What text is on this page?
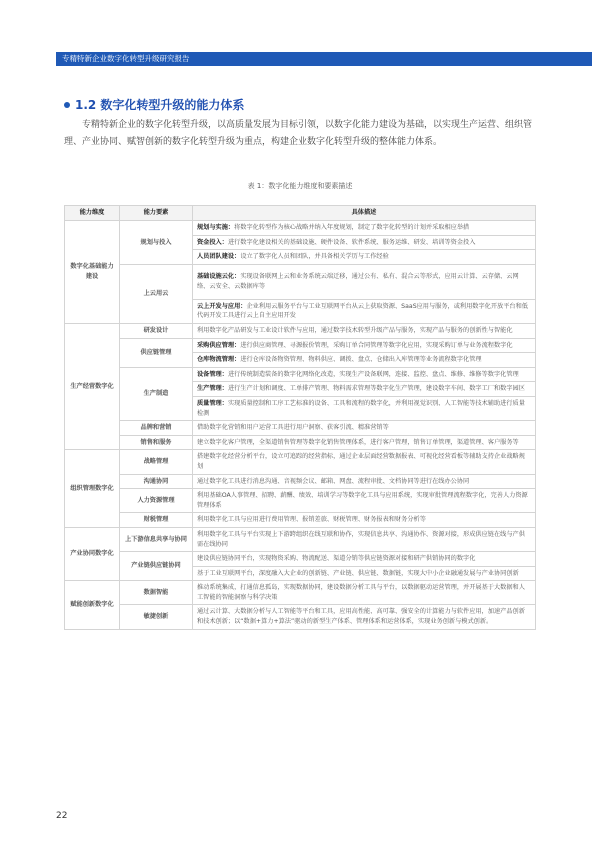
专精特新企业数字化转型升级研究报告
1.2 数字化转型升级的能力体系
专精特新企业的数字化转型升级，以高质量发展为目标引领，以数字化能力建设为基础，以实现生产运营、组织管理、产业协同、赋智创新的数字化转型升级为重点，构建企业数字化转型升级的整体能力体系。
表 1：数字化能力维度和要素描述
能力维度	能力要素	具体描述
数字化基础能力建设	规划与投入	规划与实施：将数字化转型作为核心战略并纳入年度规划，制定了数字化转型的计划并采取相应举措
		资金投入：进行数字化建设相关的基础设施、硬件设备、软件系统、服务运维、研发、培训等资金投入
		人员团队建设：设立了数字化人员和团队，并具备相关学历与工作经验
	上云用云	基础设施云化：实现设备联网上云和业务系统云端迁移，通过公有、私有、混合云等形式，应用云计算、云存储、云网络、云安全、云数据库等
		云上开发与应用：企业利用云服务平台与工业互联网平台从云上获取资源、SaaS应用与服务，或利用数字化开放平台和低代码开发工具进行云上自主应用开发
生产经营数字化	研发设计	利用数字化产品研发与工业设计软件与应用，通过数字技术转型升级产品与服务，实现产品与服务的创新性与智能化
	供应链管理	采购供应管理：进行供应商管理、寻源报价管理，采购订单合同管理等数字化应用，实现采购订单与业务流程数字化
		仓库物流管理：进行仓库设备物资管理、物料供应、调拨、盘点、仓储出入库管理等业务流程数字化管理
	生产制造	设备管理：进行传统制造装备的数字化网络化改造，实现生产设备联网，连接、监控、盘点、维修、维修等数字化管理
		生产管理：进行生产计划和调度、工单排产管理、物料需求管理等数字化生产管理，建设数字车间、数字工厂和数字园区
		质量管理：实现质量控制和工序工艺标准的设备、工具和流程的数字化，并利用视觉识别、人工智能等技术辅助进行质量检测
	品牌和营销	借助数字化营销和用户运营工具进行用户洞察、获客引流、精准营销等
	销售和服务	建立数字化客户管理，全渠道销售管理等数字化销售管理体系，进行客户管理，销售订单管理，渠道管理、客户服务等
组织管理数字化	战略管理	搭建数字化经营分析平台，设立可追踪的经营指标，通过企业层面经营数据报表、可视化经营看板等辅助支持企业战略规划
	沟通协同	通过数字化工具进行消息沟通、音视频会议、邮箱、网盘、流程审批、文档协同等进行在线办公协同
	人力资源管理	利用基础OA人事管理、招聘、薪酬、绩效、培训学习等数字化工具与应用系统，实现审批管理流程数字化，完善人力资源管理体系
	财税管理	利用数字化工具与应用进行费用管理、报销差旅、财税管理、财务报表和财务分析等
产业协同数字化	上下游信息共享与协同	利用数字化工具与平台实现上下游跨组织在线互联和协作，实现信息共享、沟通协作、资源对接，形成供应链在线与产供需在线协同
	产业链供应链协同	建设供应链协同平台，实现物资采购、物流配送、渠道分销等供应链资源对接和研产供销协同的数字化
		基于工业互联网平台，深度融入大企业的创新链、产业链、供应链、数据链，实现大中小企业融通发展与产业协同创新
赋能创新数字化	数据智能	推动系统集成，打通信息孤岛，实现数据协同，建设数据分析工具与平台，以数据驱动运营管理，并开展基于大数据和人工智能的智能洞察与科学决策
	敏捷创新	通过云计算、大数据分析与人工智能等平台和工具，应用高性能、高可靠、强安全的计算能力与软件应用，加速产品创新和技术创新；以“数据+算力+算法”驱动的新型生产体系、管理体系和运营体系，实现业务创新与模式创新。
22
